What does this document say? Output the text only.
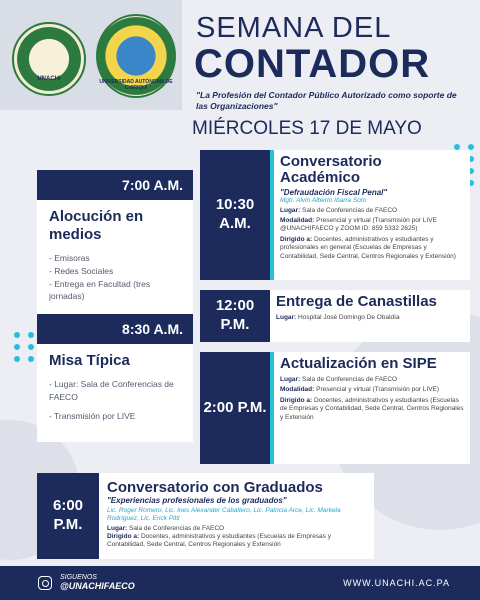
UNACHI	UNIVERSIDAD AUTÓNOMA DE CHIRIQUÍ
SEMANA DEL
CONTADOR
"La Profesión del Contador Público Autorizado como soporte de las Organizaciones"
MIÉRCOLES 17 DE MAYO
7:00 A.M.
Alocución en medios
- Emisoras
- Redes Sociales
- Entrega en Facultad (tres jornadas)
8:30 A.M.
Misa Típica
- Lugar: Sala de Conferencias de FAECO
- Transmisión por LIVE
10:30 A.M.
Conversatorio Académico
"Defraudación Fiscal Penal"
Mgtr. Alvin Alberto Ibarra Soto

Lugar: Sala de Conferencias de FAECO

Modalidad: Presencial y virtual (Transmisión por LIVE @UNACHIFAECO y ZOOM ID: 859 5332 2625)

Dirigido a: Docentes, administrativos y estudiantes y profesionales en general (Escuelas de Empresas y Contabilidad, Sede Central, Centros Regionales y Extensión)

12:00 P.M.
Entrega de Canastillas

Lugar: Hospital José Domingo De Obaldía

2:00 P.M.
Actualización en SIPE

Lugar: Sala de Conferencias de FAECO

Modalidad: Presencial y virtual (Transmisión por LIVE)

Dirigido a: Docentes, administrativos y estudiantes (Escuelas de Empresas y Contabilidad, Sede Central, Centros Regionales y Extensión

6:00 P.M.
Conversatorio con Graduados
"Experiencias profesionales de los graduados"
Lic. Roger Romero, Lic. Ines Alexander Caballero, Lic. Patricia Arce, Lic. Markela Rodríguez, Lic. Erick Pitti

Lugar: Sala de Conferencias de FAECO

Dirigido a: Docentes, administrativos y estudiantes (Escuelas de Empresas y Contabilidad, Sede Central, Centros Regionales y Extensión

SIGUENOS
@UNACHIFAECO	WWW.UNACHI.AC.PA
